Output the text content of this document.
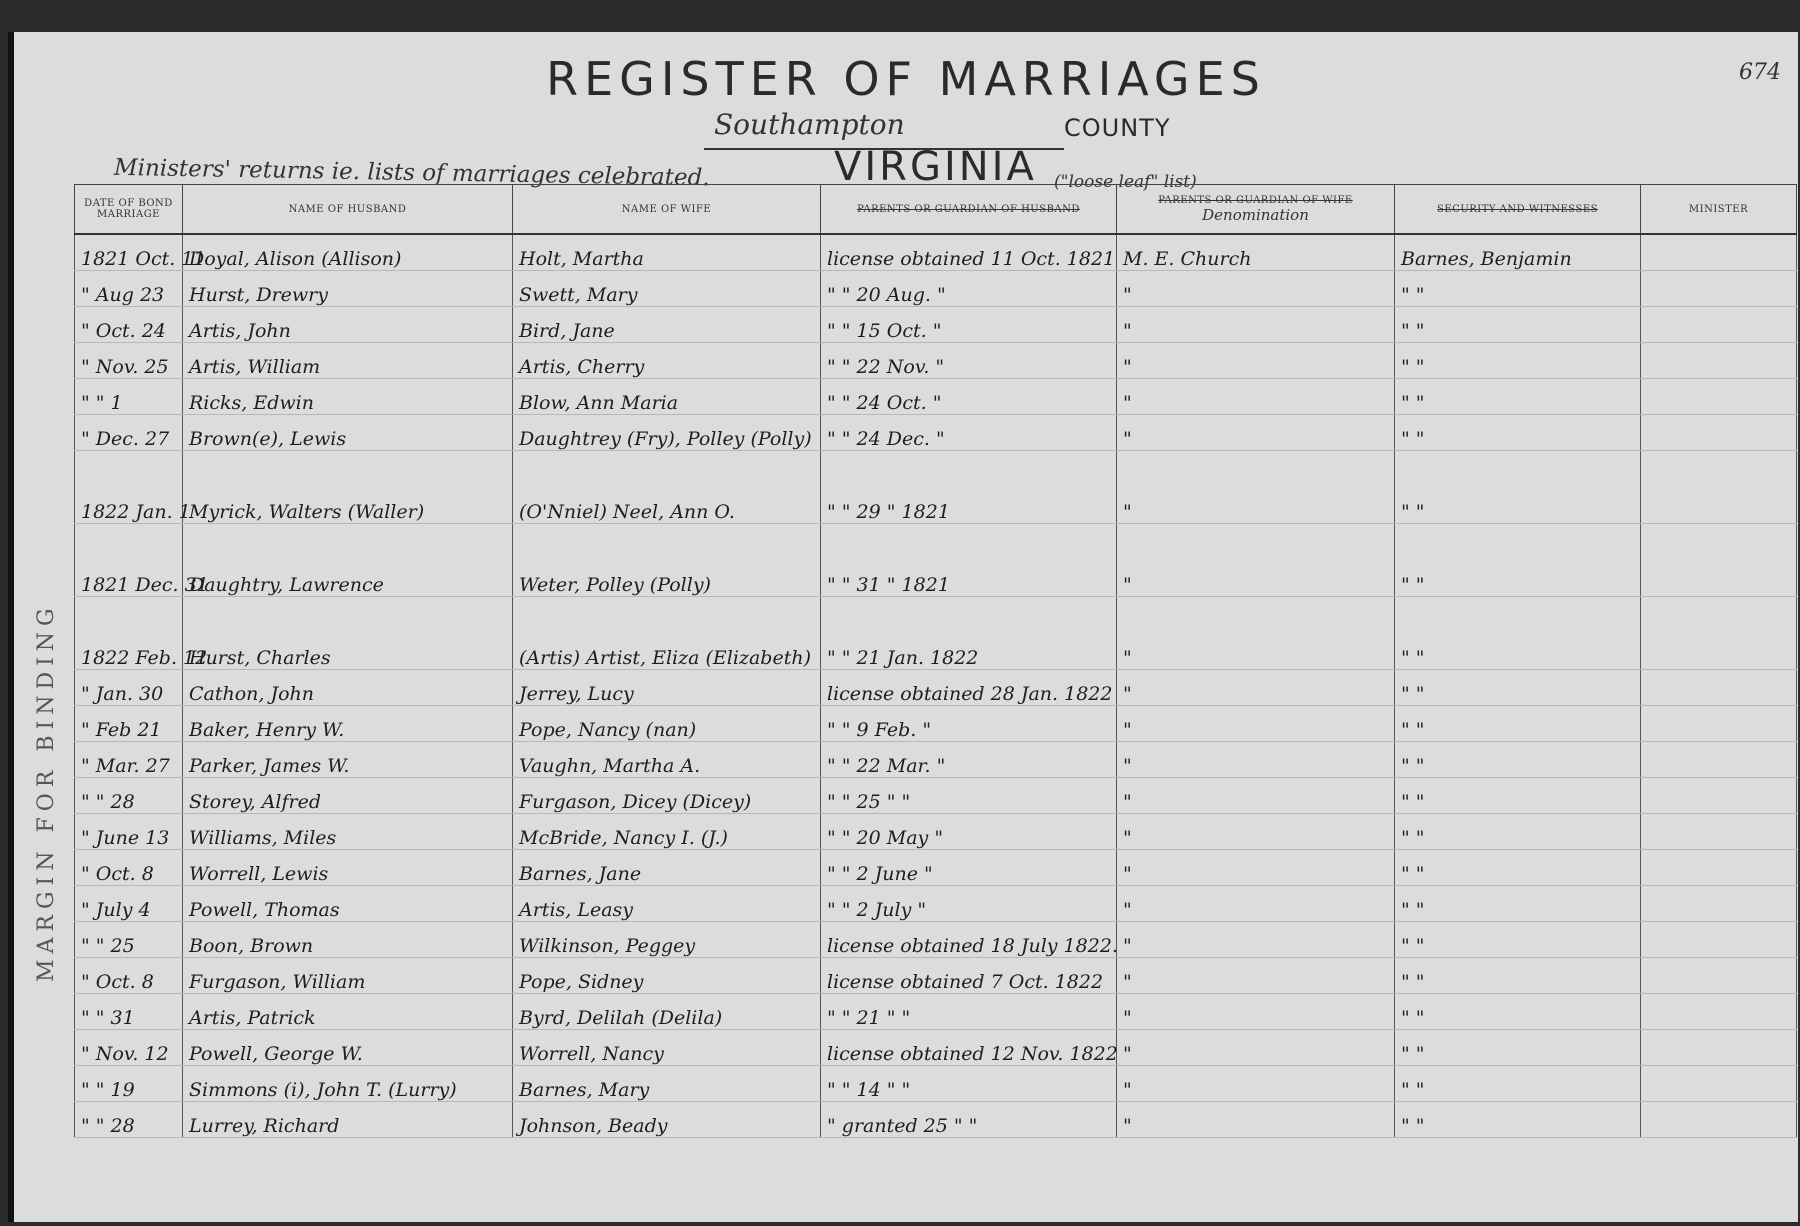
674
REGISTER OF MARRIAGES
Southampton	COUNTY
Ministers' returns ie. lists of marriages celebrated.	VIRGINIA ("loose leaf" list)
MARGIN FOR BINDING
DATE OF BOND MARRIAGE	NAME OF HUSBAND	NAME OF WIFE	PARENTS OR GUARDIAN OF HUSBAND	PARENTS OR GUARDIAN OF WIFE
Denomination	SECURITY AND WITNESSES	MINISTER
1821 Oct. 11	Doyal, Alison (Allison)	Holt, Martha	license obtained 11 Oct. 1821	M. E. Church	Barnes, Benjamin	
" Aug 23	Hurst, Drewry	Swett, Mary	" " 20 Aug. "	"	" "	
" Oct. 24	Artis, John	Bird, Jane	" " 15 Oct. "	"	" "	
" Nov. 25	Artis, William	Artis, Cherry	" " 22 Nov. "	"	" "	
" " 1	Ricks, Edwin	Blow, Ann Maria	" " 24 Oct. "	"	" "	
" Dec. 27	Brown(e), Lewis	Daughtrey (Fry), Polley (Polly)	" " 24 Dec. "	"	" "	
1822 Jan. 1	Myrick, Walters (Waller)	(O'Nniel) Neel, Ann O.	" " 29 " 1821	"	" "	
1821 Dec. 31	Daughtry, Lawrence	Weter, Polley (Polly)	" " 31 " 1821	"	" "	
1822 Feb. 12	Hurst, Charles	(Artis) Artist, Eliza (Elizabeth)	" " 21 Jan. 1822	"	" "	
" Jan. 30	Cathon, John	Jerrey, Lucy	license obtained 28 Jan. 1822	"	" "	
" Feb 21	Baker, Henry W.	Pope, Nancy (nan)	" " 9 Feb. "	"	" "	
" Mar. 27	Parker, James W.	Vaughn, Martha A.	" " 22 Mar. "	"	" "	
" " 28	Storey, Alfred	Furgason, Dicey (Dicey)	" " 25 " "	"	" "	
" June 13	Williams, Miles	McBride, Nancy I. (J.)	" " 20 May "	"	" "	
" Oct. 8	Worrell, Lewis	Barnes, Jane	" " 2 June "	"	" "	
" July 4	Powell, Thomas	Artis, Leasy	" " 2 July "	"	" "	
" " 25	Boon, Brown	Wilkinson, Peggey	license obtained 18 July 1822.	"	" "	
" Oct. 8	Furgason, William	Pope, Sidney	license obtained 7 Oct. 1822	"	" "	
" " 31	Artis, Patrick	Byrd, Delilah (Delila)	" " 21 " "	"	" "	
" Nov. 12	Powell, George W.	Worrell, Nancy	license obtained 12 Nov. 1822	"	" "	
" " 19	Simmons (i), John T. (Lurry)	Barnes, Mary	" " 14 " "	"	" "	
" " 28	Lurrey, Richard	Johnson, Beady	" granted 25 " "	"	" "	
